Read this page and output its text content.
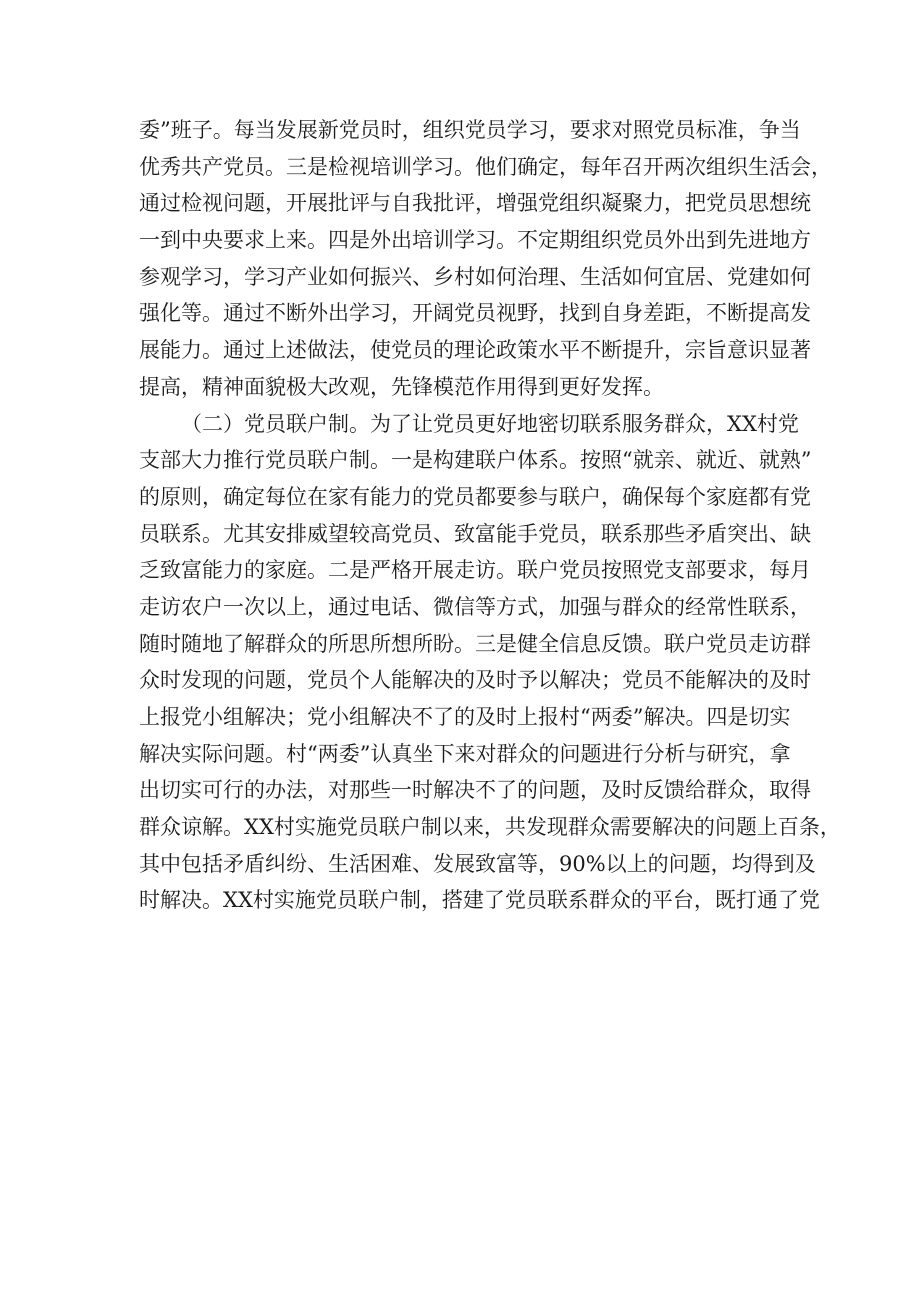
委”班子。每当发展新党员时，组织党员学习，要求对照党员标准，争当
优秀共产党员。三是检视培训学习。他们确定，每年召开两次组织生活会，
通过检视问题，开展批评与自我批评，增强党组织凝聚力，把党员思想统
一到中央要求上来。四是外出培训学习。不定期组织党员外出到先进地方
参观学习，学习产业如何振兴、乡村如何治理、生活如何宜居、党建如何
强化等。通过不断外出学习，开阔党员视野，找到自身差距，不断提高发
展能力。通过上述做法，使党员的理论政策水平不断提升，宗旨意识显著
提高，精神面貌极大改观，先锋模范作用得到更好发挥。
（二）党员联户制。为了让党员更好地密切联系服务群众，XX村党
支部大力推行党员联户制。一是构建联户体系。按照“就亲、就近、就熟”
的原则，确定每位在家有能力的党员都要参与联户，确保每个家庭都有党
员联系。尤其安排威望较高党员、致富能手党员，联系那些矛盾突出、缺
乏致富能力的家庭。二是严格开展走访。联户党员按照党支部要求，每月
走访农户一次以上，通过电话、微信等方式，加强与群众的经常性联系，
随时随地了解群众的所思所想所盼。三是健全信息反馈。联户党员走访群
众时发现的问题，党员个人能解决的及时予以解决；党员不能解决的及时
上报党小组解决；党小组解决不了的及时上报村“两委”解决。四是切实
解决实际问题。村“两委”认真坐下来对群众的问题进行分析与研究，拿
出切实可行的办法，对那些一时解决不了的问题，及时反馈给群众，取得
群众谅解。XX村实施党员联户制以来，共发现群众需要解决的问题上百条，
其中包括矛盾纠纷、生活困难、发展致富等，90%以上的问题，均得到及
时解决。XX村实施党员联户制，搭建了党员联系群众的平台，既打通了党
